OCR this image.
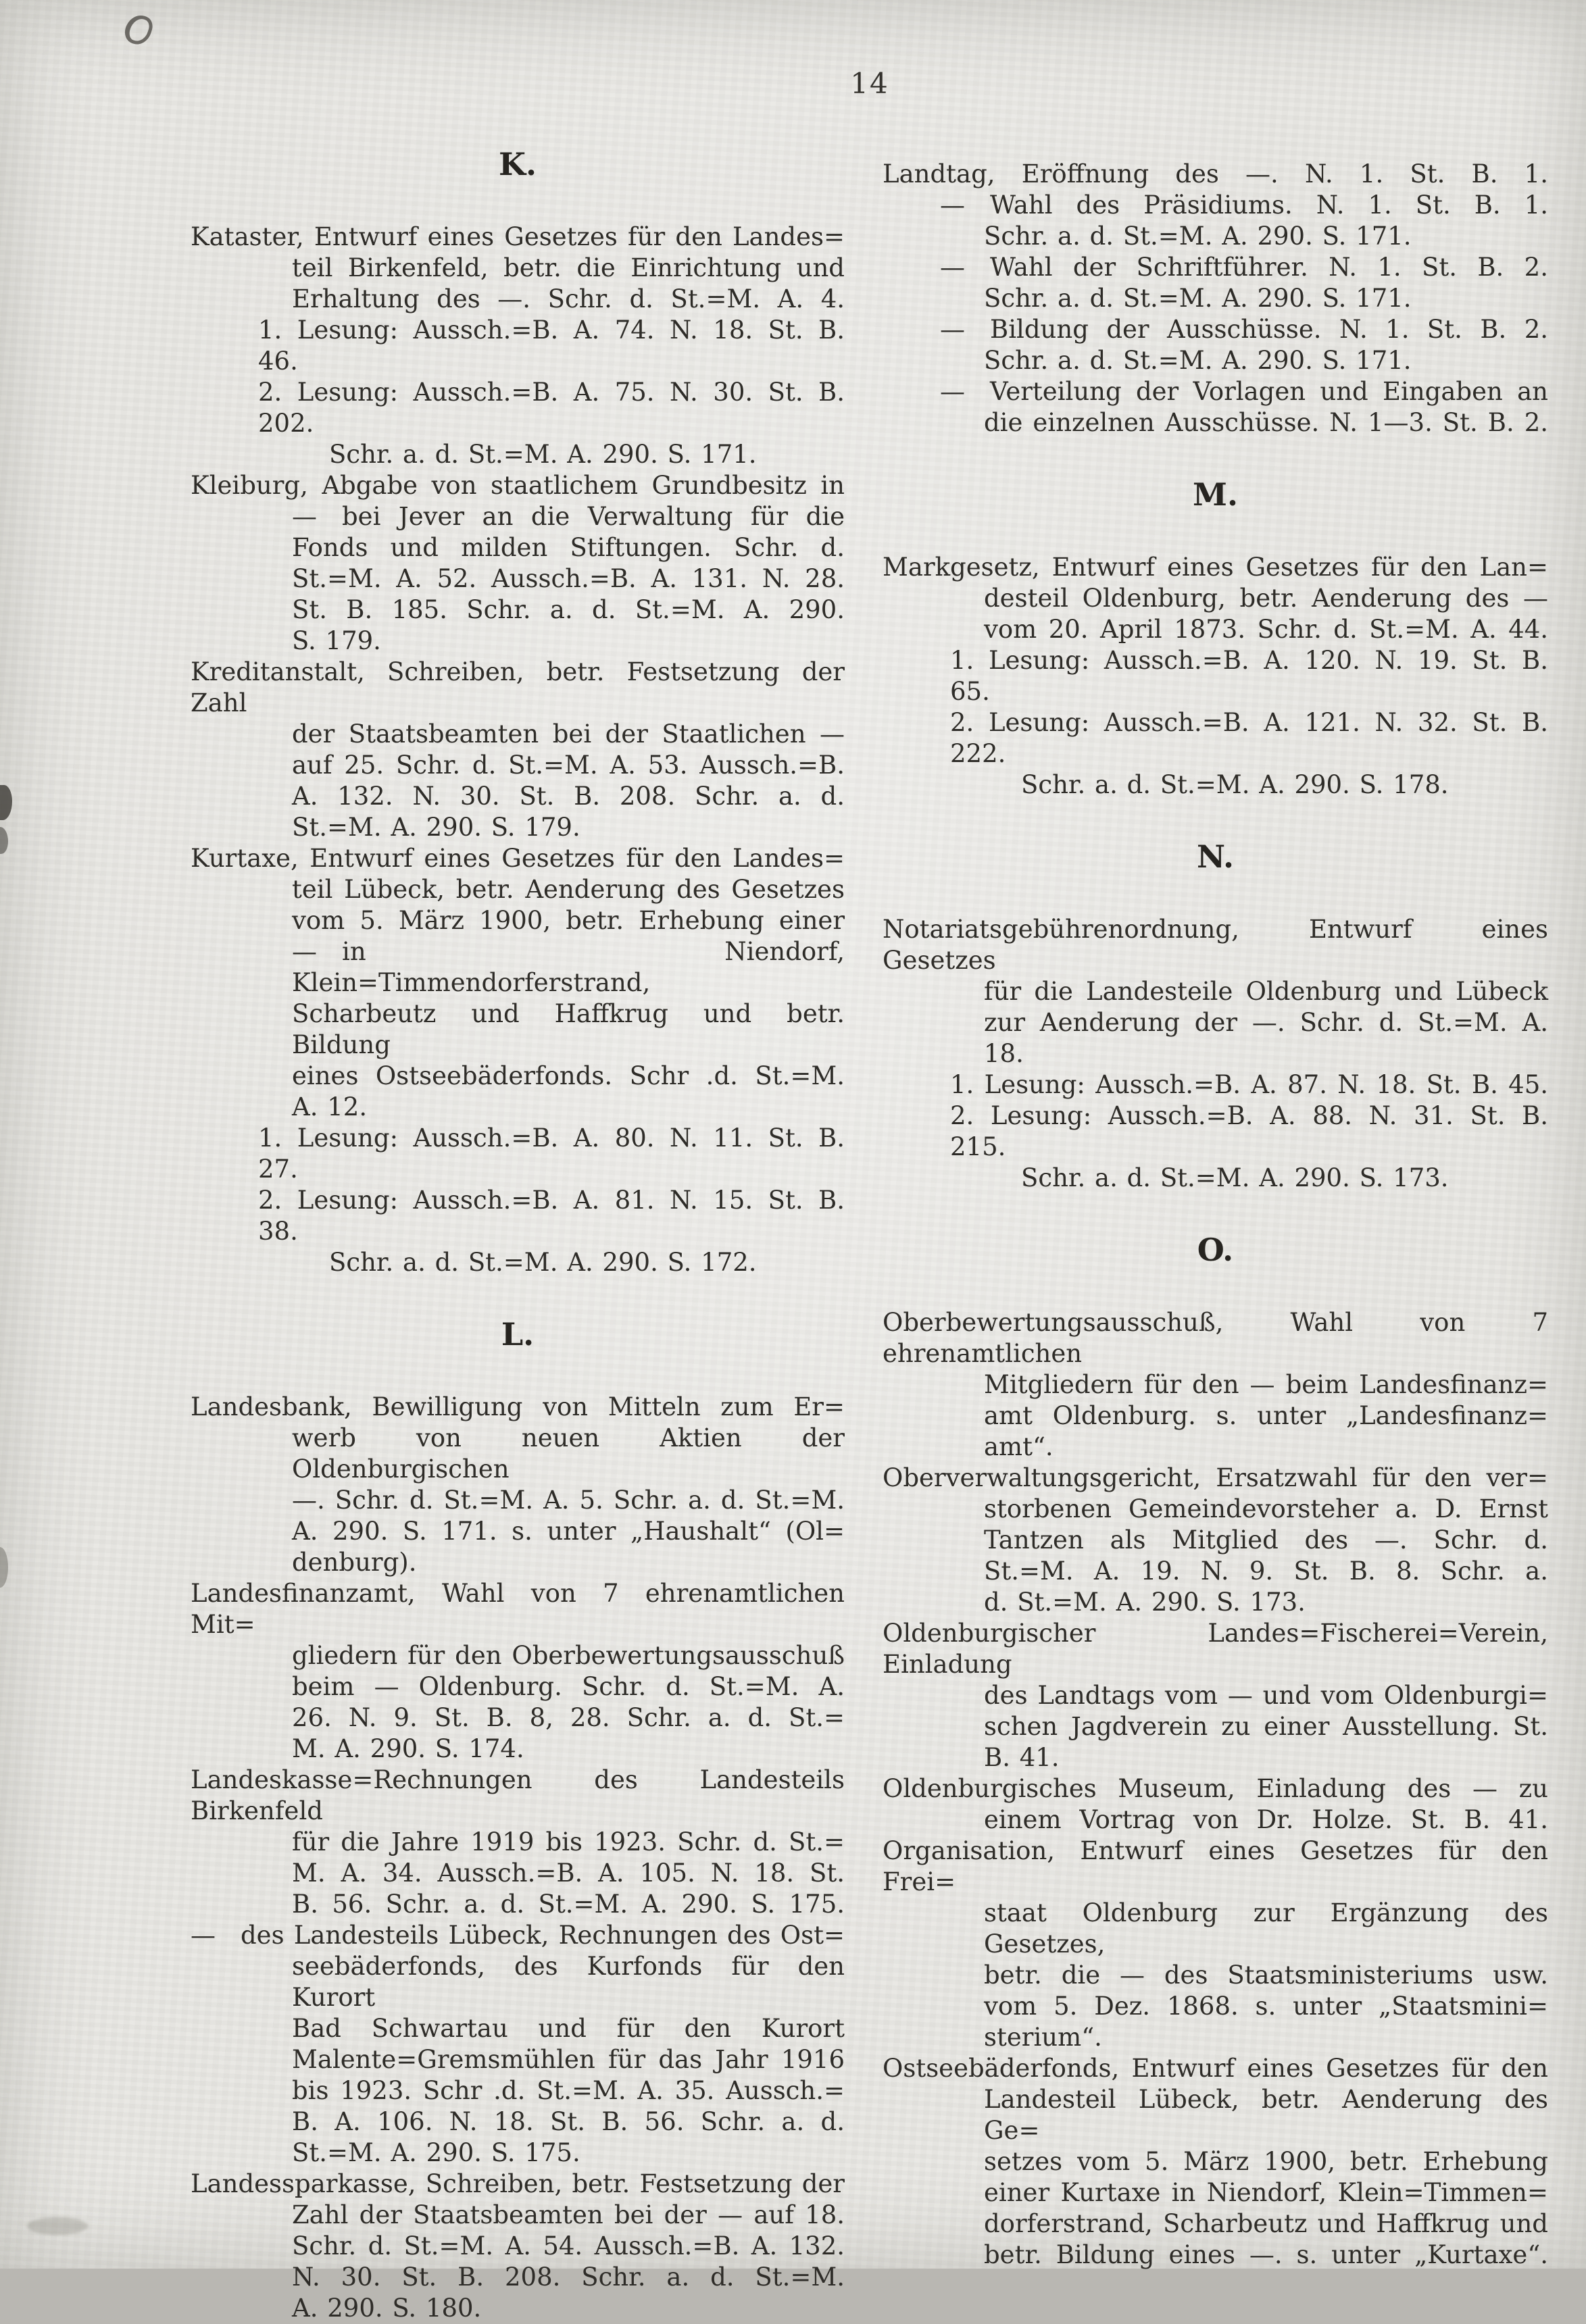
14
K.
Kataster, Entwurf eines Gesetzes für den Landes=
teil Birkenfeld, betr. die Einrichtung und
Erhaltung des —. Schr. d. St.=M. A. 4.
1. Lesung: Aussch.=B. A. 74. N. 18. St. B. 46.
2. Lesung: Aussch.=B. A. 75. N. 30. St. B. 202.
Schr. a. d. St.=M. A. 290. S. 171.
Kleiburg, Abgabe von staatlichem Grundbesitz in
— bei Jever an die Verwaltung für die
Fonds und milden Stiftungen. Schr. d.
St.=M. A. 52. Aussch.=B. A. 131. N. 28.
St. B. 185. Schr. a. d. St.=M. A. 290.
S. 179.
Kreditanstalt, Schreiben, betr. Festsetzung der Zahl
der Staatsbeamten bei der Staatlichen —
auf 25. Schr. d. St.=M. A. 53. Aussch.=B.
A. 132. N. 30. St. B. 208. Schr. a. d.
St.=M. A. 290. S. 179.
Kurtaxe, Entwurf eines Gesetzes für den Landes=
teil Lübeck, betr. Aenderung des Gesetzes
vom 5. März 1900, betr. Erhebung einer
— in Niendorf, Klein=Timmendorferstrand,
Scharbeutz und Haffkrug und betr. Bildung
eines Ostseebäderfonds. Schr .d. St.=M.
A. 12.
1. Lesung: Aussch.=B. A. 80. N. 11. St. B. 27.
2. Lesung: Aussch.=B. A. 81. N. 15. St. B. 38.
Schr. a. d. St.=M. A. 290. S. 172.
L.
Landesbank, Bewilligung von Mitteln zum Er=
werb von neuen Aktien der Oldenburgischen
—. Schr. d. St.=M. A. 5. Schr. a. d. St.=M.
A. 290. S. 171. s. unter „Haushalt“ (Ol=
denburg).
Landesfinanzamt, Wahl von 7 ehrenamtlichen Mit=
gliedern für den Oberbewertungsausschuß
beim — Oldenburg. Schr. d. St.=M. A.
26. N. 9. St. B. 8, 28. Schr. a. d. St.=
M. A. 290. S. 174.
Landeskasse=Rechnungen des Landesteils Birkenfeld
für die Jahre 1919 bis 1923. Schr. d. St.=
M. A. 34. Aussch.=B. A. 105. N. 18. St.
B. 56. Schr. a. d. St.=M. A. 290. S. 175.
— des Landesteils Lübeck, Rechnungen des Ost=
seebäderfonds, des Kurfonds für den Kurort
Bad Schwartau und für den Kurort
Malente=Gremsmühlen für das Jahr 1916
bis 1923. Schr .d. St.=M. A. 35. Aussch.=
B. A. 106. N. 18. St. B. 56. Schr. a. d.
St.=M. A. 290. S. 175.
Landessparkasse, Schreiben, betr. Festsetzung der
Zahl der Staatsbeamten bei der — auf 18.
Schr. d. St.=M. A. 54. Aussch.=B. A. 132.
N. 30. St. B. 208. Schr. a. d. St.=M.
A. 290. S. 180.
Landtag, Eröffnung des —. N. 1. St. B. 1.
— Wahl des Präsidiums. N. 1. St. B. 1.
Schr. a. d. St.=M. A. 290. S. 171.
— Wahl der Schriftführer. N. 1. St. B. 2.
Schr. a. d. St.=M. A. 290. S. 171.
— Bildung der Ausschüsse. N. 1. St. B. 2.
Schr. a. d. St.=M. A. 290. S. 171.
— Verteilung der Vorlagen und Eingaben an
die einzelnen Ausschüsse. N. 1—3. St. B. 2.
M.
Markgesetz, Entwurf eines Gesetzes für den Lan=
desteil Oldenburg, betr. Aenderung des —
vom 20. April 1873. Schr. d. St.=M. A. 44.
1. Lesung: Aussch.=B. A. 120. N. 19. St. B. 65.
2. Lesung: Aussch.=B. A. 121. N. 32. St. B. 222.
Schr. a. d. St.=M. A. 290. S. 178.
N.
Notariatsgebührenordnung, Entwurf eines Gesetzes
für die Landesteile Oldenburg und Lübeck
zur Aenderung der —. Schr. d. St.=M. A. 18.
1. Lesung: Aussch.=B. A. 87. N. 18. St. B. 45.
2. Lesung: Aussch.=B. A. 88. N. 31. St. B. 215.
Schr. a. d. St.=M. A. 290. S. 173.
O.
Oberbewertungsausschuß, Wahl von 7 ehrenamtlichen
Mitgliedern für den — beim Landesfinanz=
amt Oldenburg. s. unter „Landesfinanz=
amt“.
Oberverwaltungsgericht, Ersatzwahl für den ver=
storbenen Gemeindevorsteher a. D. Ernst
Tantzen als Mitglied des —. Schr. d.
St.=M. A. 19. N. 9. St. B. 8. Schr. a.
d. St.=M. A. 290. S. 173.
Oldenburgischer Landes=Fischerei=Verein, Einladung
des Landtags vom — und vom Oldenburgi=
schen Jagdverein zu einer Ausstellung. St.
B. 41.
Oldenburgisches Museum, Einladung des — zu
einem Vortrag von Dr. Holze. St. B. 41.
Organisation, Entwurf eines Gesetzes für den Frei=
staat Oldenburg zur Ergänzung des Gesetzes,
betr. die — des Staatsministeriums usw.
vom 5. Dez. 1868. s. unter „Staatsmini=
sterium“.
Ostseebäderfonds, Entwurf eines Gesetzes für den
Landesteil Lübeck, betr. Aenderung des Ge=
setzes vom 5. März 1900, betr. Erhebung
einer Kurtaxe in Niendorf, Klein=Timmen=
dorferstrand, Scharbeutz und Haffkrug und
betr. Bildung eines —. s. unter „Kurtaxe“.
